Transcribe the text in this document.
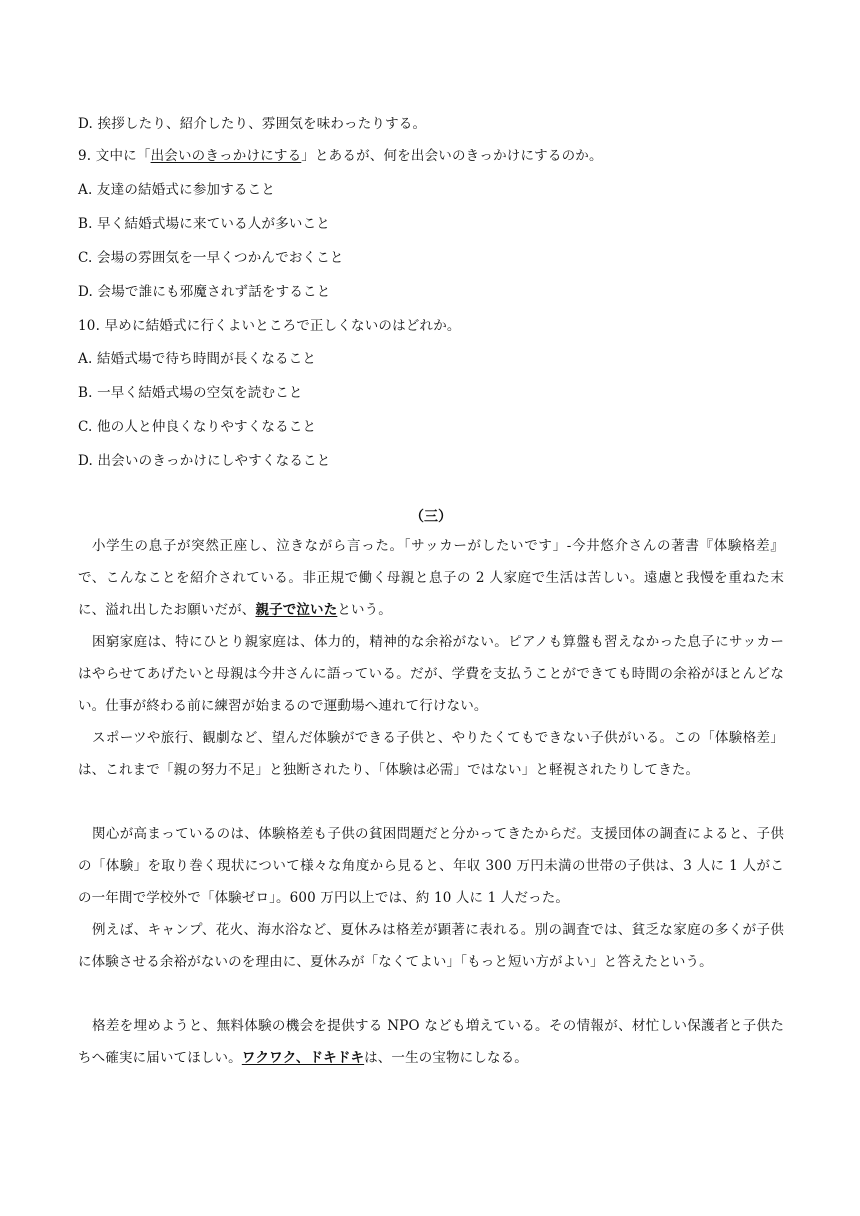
D. 挨拶したり、紹介したり、雰囲気を味わったりする。
9. 文中に「出会いのきっかけにする」とあるが、何を出会いのきっかけにするのか。
A. 友達の結婚式に参加すること
B. 早く結婚式場に来ている人が多いこと
C. 会場の雰囲気を一早くつかんでおくこと
D. 会場で誰にも邪魔されず話をすること
10. 早めに結婚式に行くよいところで正しくないのはどれか。
A. 結婚式場で待ち時間が長くなること
B. 一早く結婚式場の空気を読むこと
C. 他の人と仲良くなりやすくなること
D. 出会いのきっかけにしやすくなること
（三）
小学生の息子が突然正座し、泣きながら言った。「サッカーがしたいです」-今井悠介さんの著書『体験格差』で、こんなことを紹介されている。非正規で働く母親と息子の 2 人家庭で生活は苦しい。遠慮と我慢を重ねた末に、溢れ出したお願いだが、親子で泣いたという。
困窮家庭は、特にひとり親家庭は、体力的，精神的な余裕がない。ピアノも算盤も習えなかった息子にサッカーはやらせてあげたいと母親は今井さんに語っている。だが、学費を支払うことができても時間の余裕がほとんどない。仕事が終わる前に練習が始まるので運動場へ連れて行けない。
スポーツや旅行、観劇など、望んだ体験ができる子供と、やりたくてもできない子供がいる。この「体験格差」は、これまで「親の努力不足」と独断されたり、「体験は必需」ではない」と軽視されたりしてきた。
関心が高まっているのは、体験格差も子供の貧困問題だと分かってきたからだ。支援団体の調査によると、子供の「体験」を取り巻く現状について様々な角度から見ると、年収 300 万円未満の世帯の子供は、3 人に 1 人がこの一年間で学校外で「体験ゼロ」。600 万円以上では、約 10 人に 1 人だった。
例えば、キャンプ、花火、海水浴など、夏休みは格差が顕著に表れる。別の調査では、貧乏な家庭の多くが子供に体験させる余裕がないのを理由に、夏休みが「なくてよい」「もっと短い方がよい」と答えたという。
格差を埋めようと、無料体験の機会を提供する NPO なども増えている。その情報が、材忙しい保護者と子供たちへ確実に届いてほしい。ワクワク、ドキドキは、一生の宝物にしなる。
